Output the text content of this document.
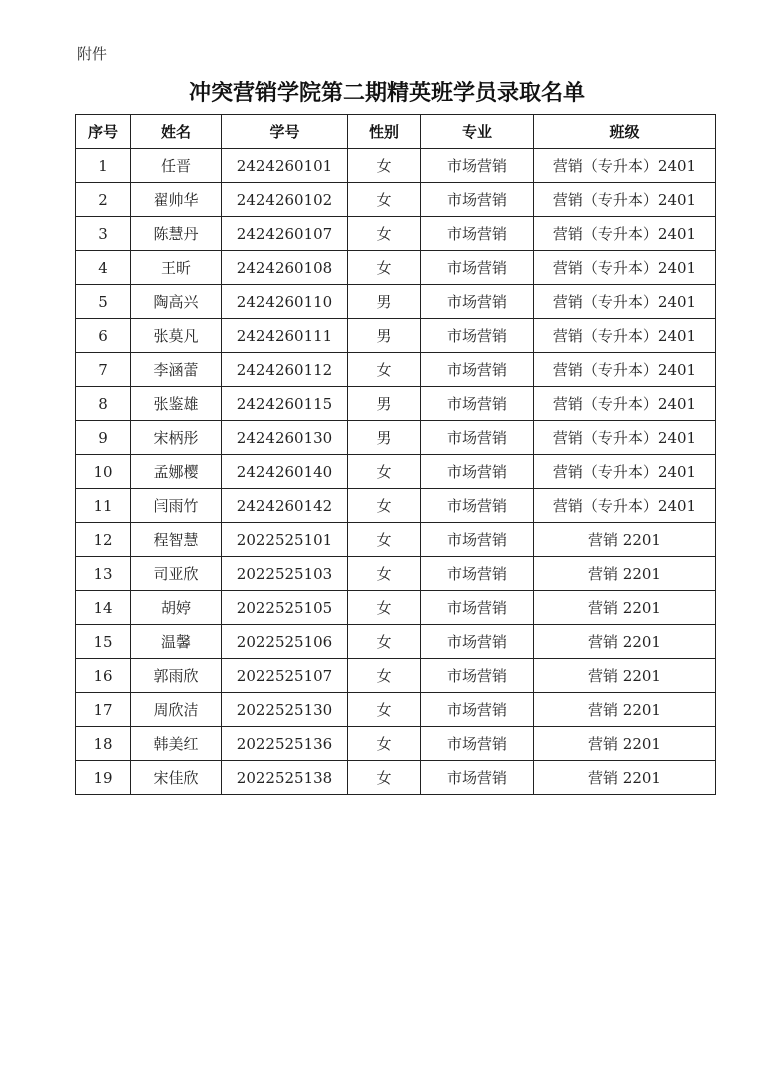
附件
冲突营销学院第二期精英班学员录取名单
序号	姓名	学号	性别	专业	班级
1	任晋	2424260101	女	市场营销	营销（专升本）2401
2	翟帅华	2424260102	女	市场营销	营销（专升本）2401
3	陈慧丹	2424260107	女	市场营销	营销（专升本）2401
4	王昕	2424260108	女	市场营销	营销（专升本）2401
5	陶高兴	2424260110	男	市场营销	营销（专升本）2401
6	张莫凡	2424260111	男	市场营销	营销（专升本）2401
7	李涵蕾	2424260112	女	市场营销	营销（专升本）2401
8	张鉴雄	2424260115	男	市场营销	营销（专升本）2401
9	宋柄彤	2424260130	男	市场营销	营销（专升本）2401
10	孟娜樱	2424260140	女	市场营销	营销（专升本）2401
11	闫雨竹	2424260142	女	市场营销	营销（专升本）2401
12	程智慧	2022525101	女	市场营销	营销 2201
13	司亚欣	2022525103	女	市场营销	营销 2201
14	胡婷	2022525105	女	市场营销	营销 2201
15	温馨	2022525106	女	市场营销	营销 2201
16	郭雨欣	2022525107	女	市场营销	营销 2201
17	周欣洁	2022525130	女	市场营销	营销 2201
18	韩美红	2022525136	女	市场营销	营销 2201
19	宋佳欣	2022525138	女	市场营销	营销 2201
